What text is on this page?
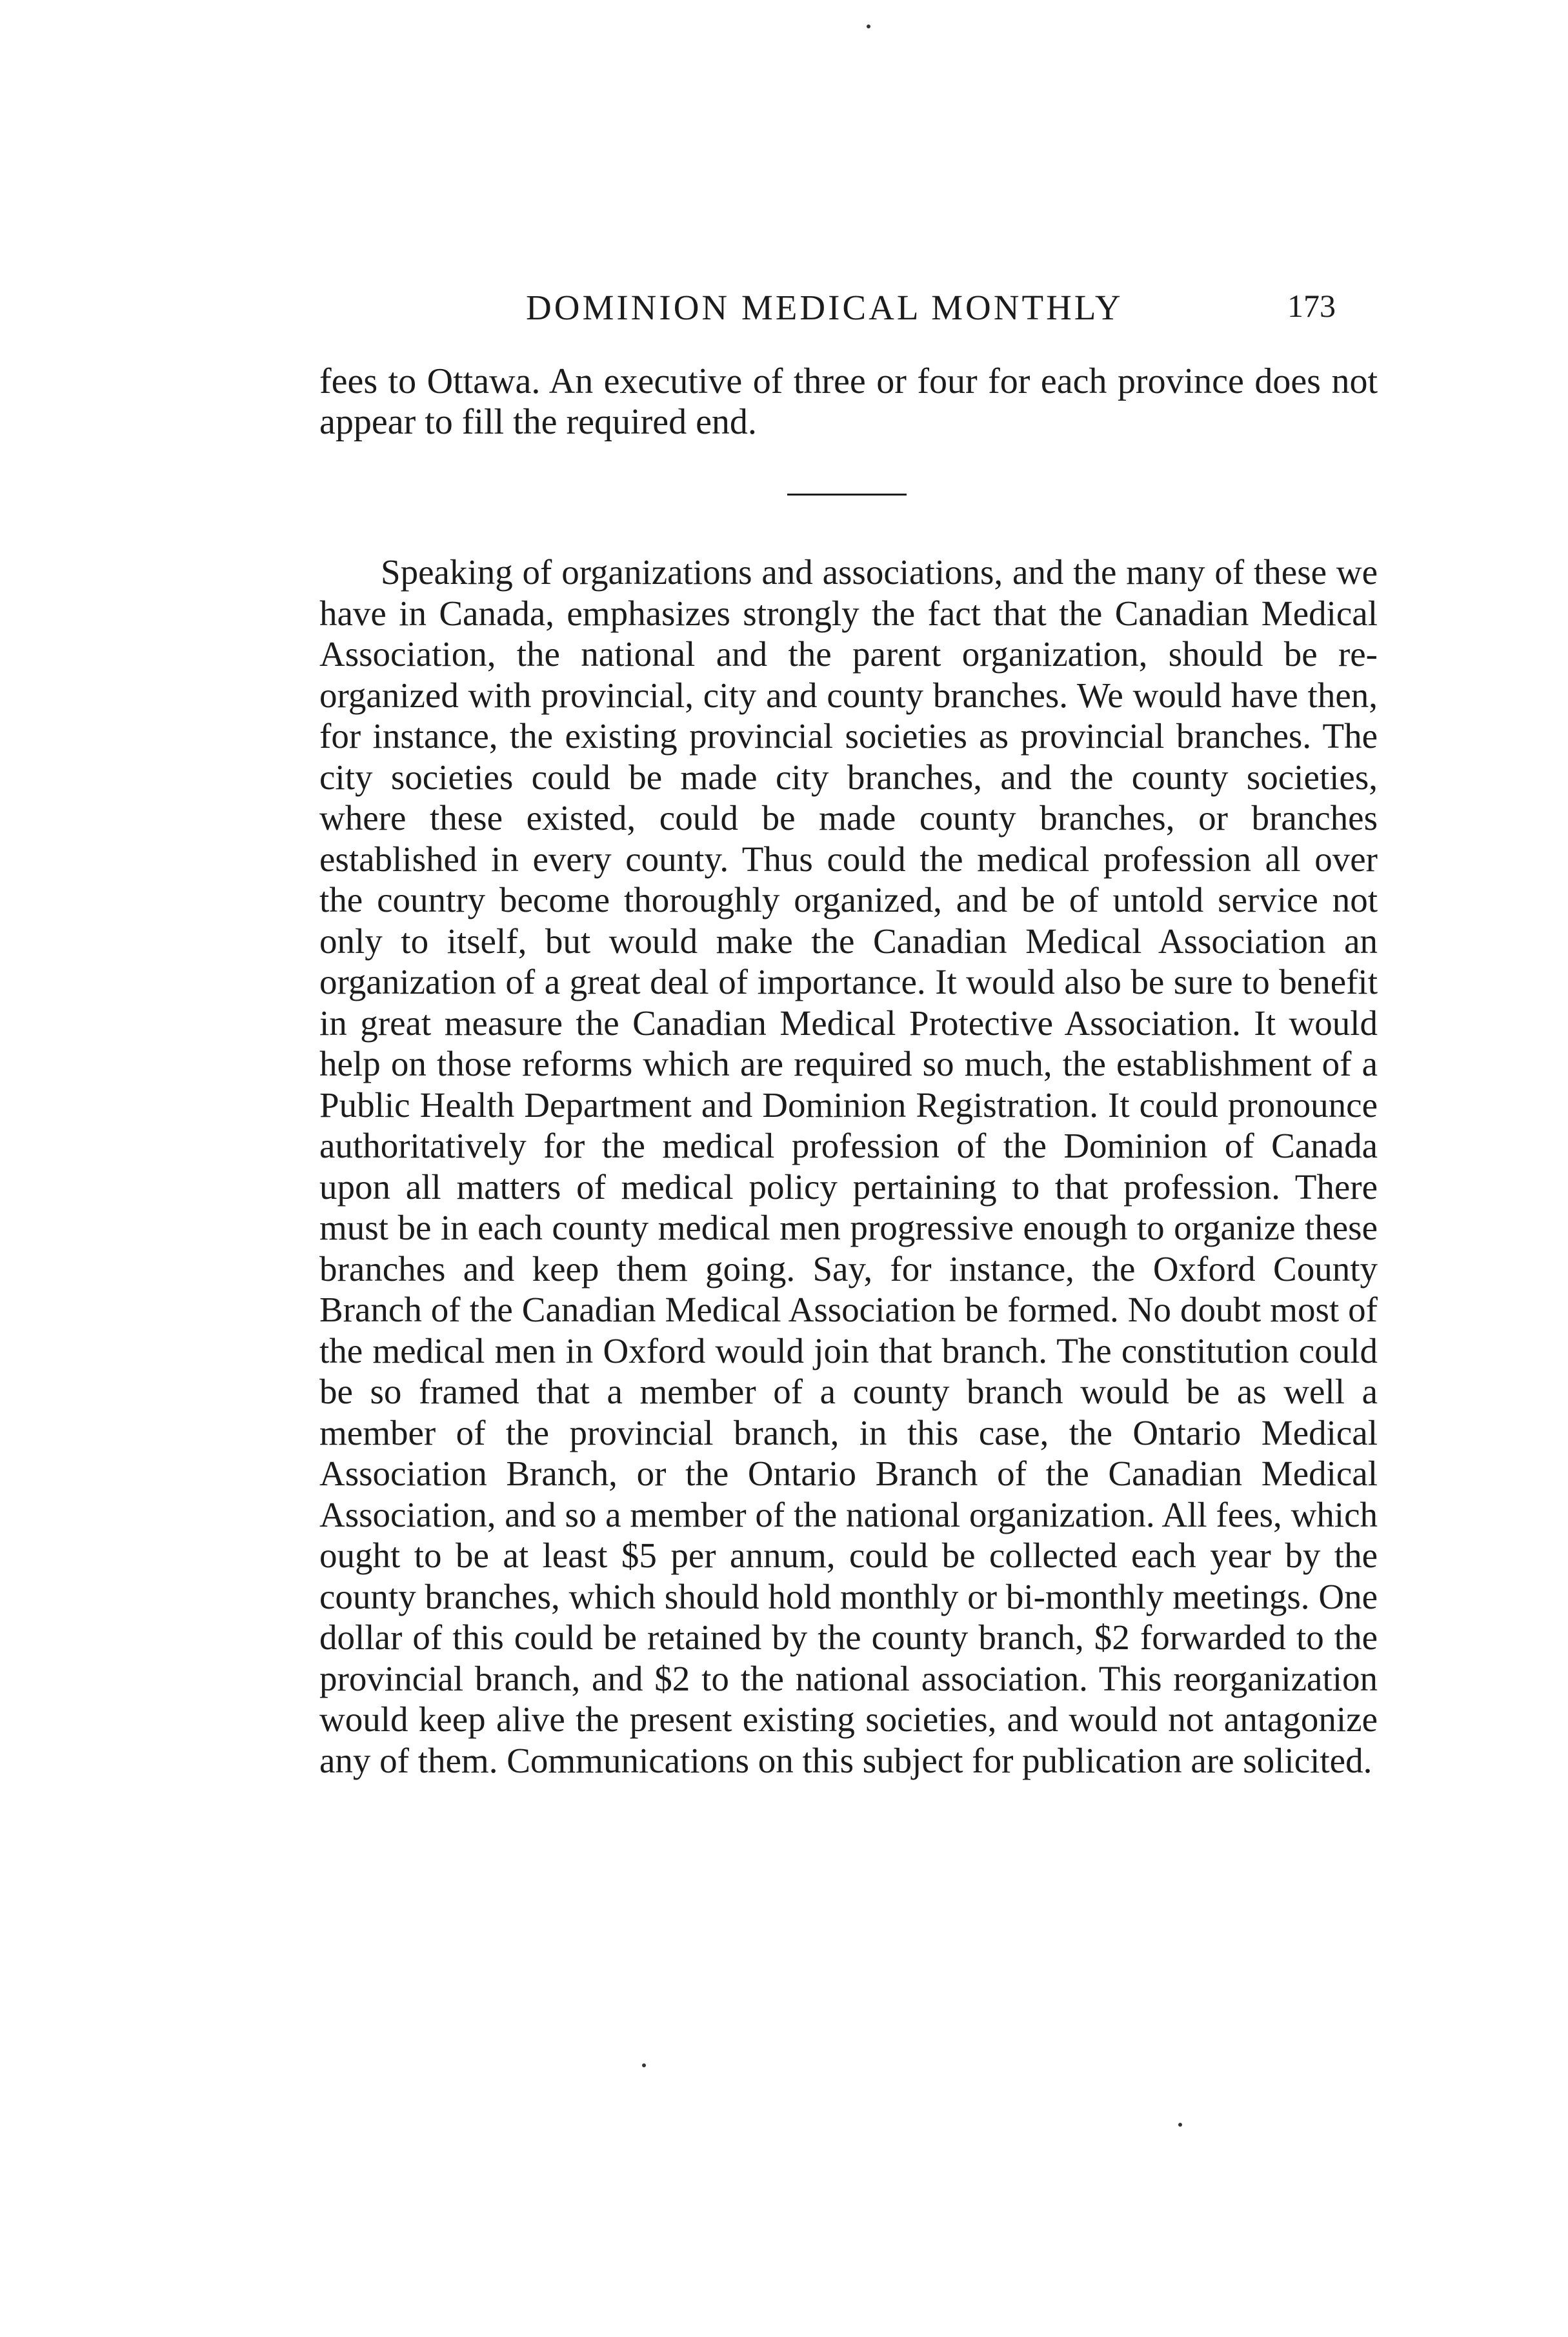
DOMINION MEDICAL MONTHLY	173

fees to Ottawa. An executive of three or four for each province does not appear to fill the required end.

Speaking of organizations and associations, and the many of these we have in Canada, emphasizes strongly the fact that the Canadian Medical Association, the national and the parent organization, should be re-organized with provincial, city and county branches. We would have then, for instance, the existing provincial societies as provincial branches. The city societies could be made city branches, and the county societies, where these existed, could be made county branches, or branches established in every county. Thus could the medical profession all over the country become thoroughly organized, and be of untold service not only to itself, but would make the Canadian Medical Association an organization of a great deal of importance. It would also be sure to benefit in great measure the Canadian Medical Protective Association. It would help on those reforms which are required so much, the establishment of a Public Health Department and Dominion Registration. It could pronounce authoritatively for the medical profession of the Dominion of Canada upon all matters of medical policy pertaining to that profession. There must be in each county medical men progressive enough to organize these branches and keep them going. Say, for instance, the Oxford County Branch of the Canadian Medical Association be formed. No doubt most of the medical men in Oxford would join that branch. The constitution could be so framed that a member of a county branch would be as well a member of the provincial branch, in this case, the Ontario Medical Association Branch, or the Ontario Branch of the Canadian Medical Association, and so a member of the national organization. All fees, which ought to be at least $5 per annum, could be collected each year by the county branches, which should hold monthly or bi-monthly meetings. One dollar of this could be retained by the county branch, $2 forwarded to the provincial branch, and $2 to the national association. This reorganization would keep alive the present existing societies, and would not antagonize any of them. Communications on this subject for publication are solicited.
